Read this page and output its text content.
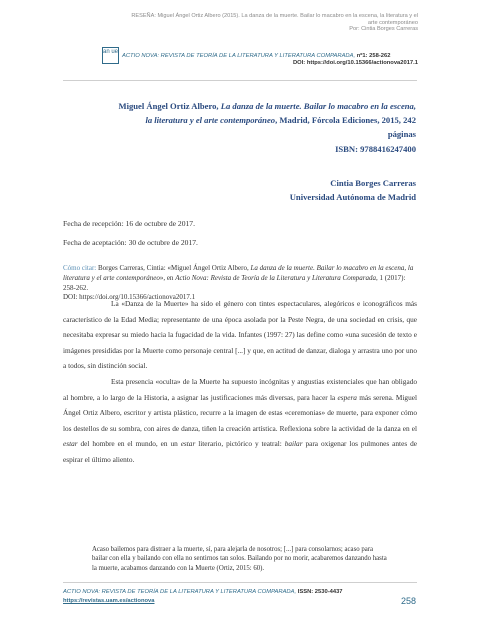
RESEÑA: Miguel Ángel Ortiz Albero (2015). La danza de la muerte. Bailar lo macabro en la escena, la literatura y el
arte contemporáneo
Por: Cintia Borges Carreras
an ue
ACTIO NOVA: REVISTA DE TEORÍA DE LA LITERATURA Y LITERATURA COMPARADA, nº1: 258-262
DOI: https://doi.org/10.15366/actionova2017.1
Miguel Ángel Ortiz Albero, La danza de la muerte. Bailar lo macabro en la escena,
la literatura y el arte contemporáneo, Madrid, Fórcola Ediciones, 2015, 242
páginas
ISBN: 9788416247400
Cintia Borges Carreras
Universidad Autónoma de Madrid
Fecha de recepción: 16 de octubre de 2017.
Fecha de aceptación: 30 de octubre de 2017.
Cómo citar: Borges Carreras, Cintia: «Miguel Ángel Ortiz Albero, La danza de la muerte. Bailar lo macabro en la escena, la literatura y el arte contemporáneo», en Actio Nova: Revista de Teoría de la Literatura y Literatura Comparada, 1 (2017): 258-262.
DOI: https://doi.org/10.15366/actionova2017.1

La «Danza de la Muerte» ha sido el género con tintes espectaculares, alegóricos e iconográficos más característico de la Edad Media; representante de una época asolada por la Peste Negra, de una sociedad en crisis, que necesitaba expresar su miedo hacia la fugacidad de la vida. Infantes (1997: 27) las define como «una sucesión de texto e imágenes presididas por la Muerte como personaje central [...] y que, en actitud de danzar, dialoga y arrastra uno por uno a todos, sin distinción social.

Esta presencia «oculta» de la Muerte ha supuesto incógnitas y angustias existenciales que han obligado al hombre, a lo largo de la Historia, a asignar las justificaciones más diversas, para hacer la espera más serena. Miguel Ángel Ortiz Albero, escritor y artista plástico, recurre a la imagen de estas «ceremonias» de muerte, para exponer cómo los destellos de su sombra, con aires de danza, tiñen la creación artística. Reflexiona sobre la actividad de la danza en el estar del hombre en el mundo, en un estar literario, pictórico y teatral: bailar para oxigenar los pulmones antes de espirar el último aliento.

Acaso bailemos para distraer a la muerte, sí, para alejarla de nosotros; [...] para consolarnos; acaso para bailar con ella y bailando con ella no sentirnos tan solos. Bailando por no morir, acabaremos danzando hasta la muerte, acabamos danzando con la Muerte (Ortiz, 2015: 60).
ACTIO NOVA: REVISTA DE TEORÍA DE LA LITERATURA Y LITERATURA COMPARADA, ISSN: 2530-4437
https://revistas.uam.es/actionova	258
